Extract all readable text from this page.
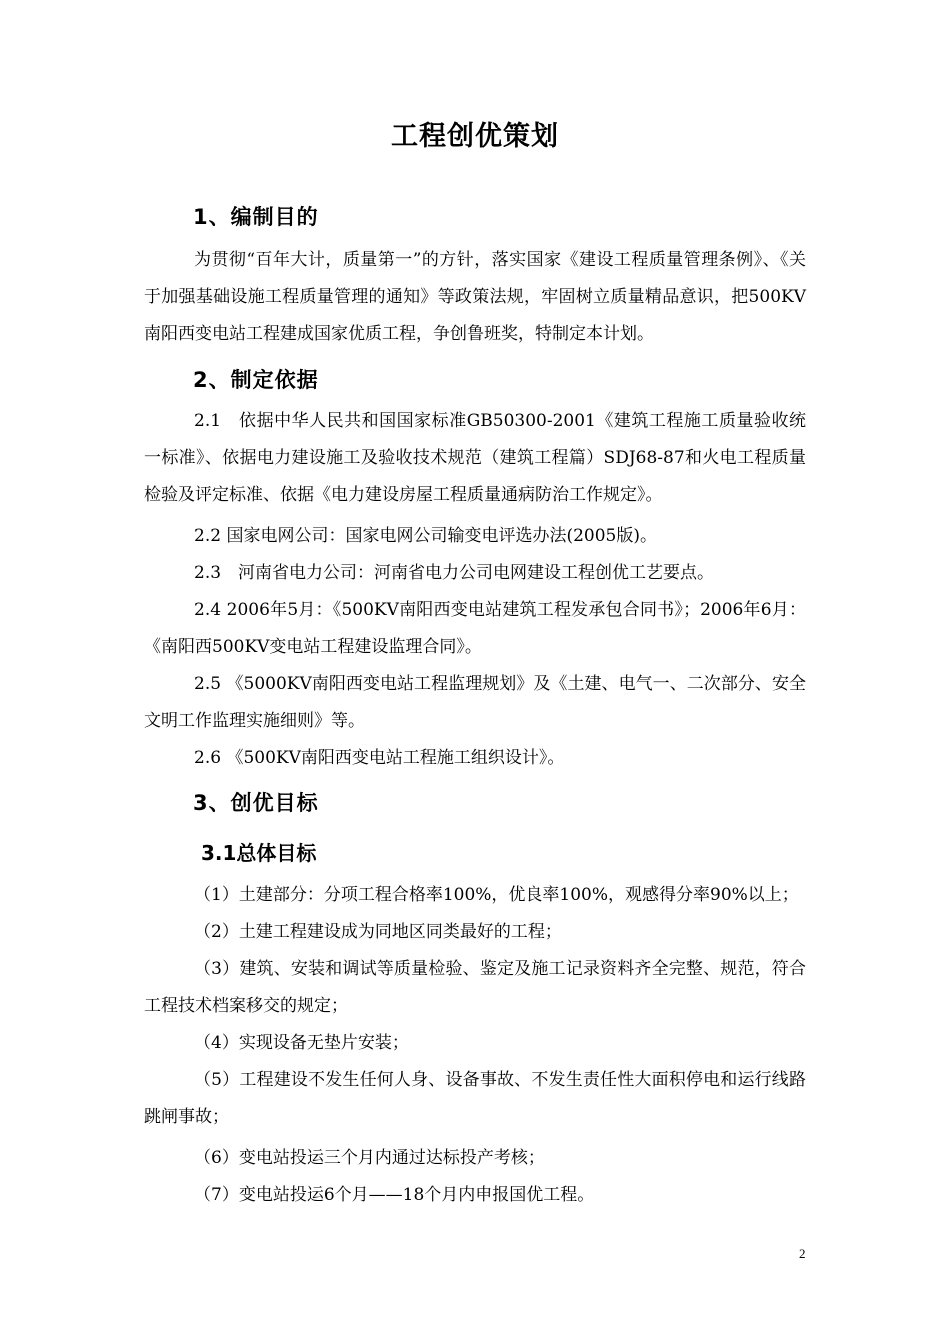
工程创优策划
1、编制目的

为贯彻“百年大计，质量第一”的方针，落实国家《建设工程质量管理条例》、《关于加强基础设施工程质量管理的通知》等政策法规，牢固树立质量精品意识，把500KV南阳西变电站工程建成国家优质工程，争创鲁班奖，特制定本计划。

2、制定依据

2.1　依据中华人民共和国国家标准GB50300-2001《建筑工程施工质量验收统一标准》、依据电力建设施工及验收技术规范（建筑工程篇）SDJ68-87和火电工程质量检验及评定标准、依据《电力建设房屋工程质量通病防治工作规定》。

2.2 国家电网公司：国家电网公司输变电评选办法(2005版)。

2.3　河南省电力公司：河南省电力公司电网建设工程创优工艺要点。

2.4 2006年5月：《500KV南阳西变电站建筑工程发承包合同书》；2006年6月：《南阳西500KV变电站工程建设监理合同》。

2.5 《5000KV南阳西变电站工程监理规划》及《土建、电气一、二次部分、安全文明工作监理实施细则》等。

2.6 《500KV南阳西变电站工程施工组织设计》。

3、创优目标
3.1总体目标

（1）土建部分：分项工程合格率100%，优良率100%，观感得分率90%以上；

（2）土建工程建设成为同地区同类最好的工程；

（3）建筑、安装和调试等质量检验、鉴定及施工记录资料齐全完整、规范，符合工程技术档案移交的规定；

（4）实现设备无垫片安装；

（5）工程建设不发生任何人身、设备事故、不发生责任性大面积停电和运行线路跳闸事故；

（6）变电站投运三个月内通过达标投产考核；

（7）变电站投运6个月——18个月内申报国优工程。

2
